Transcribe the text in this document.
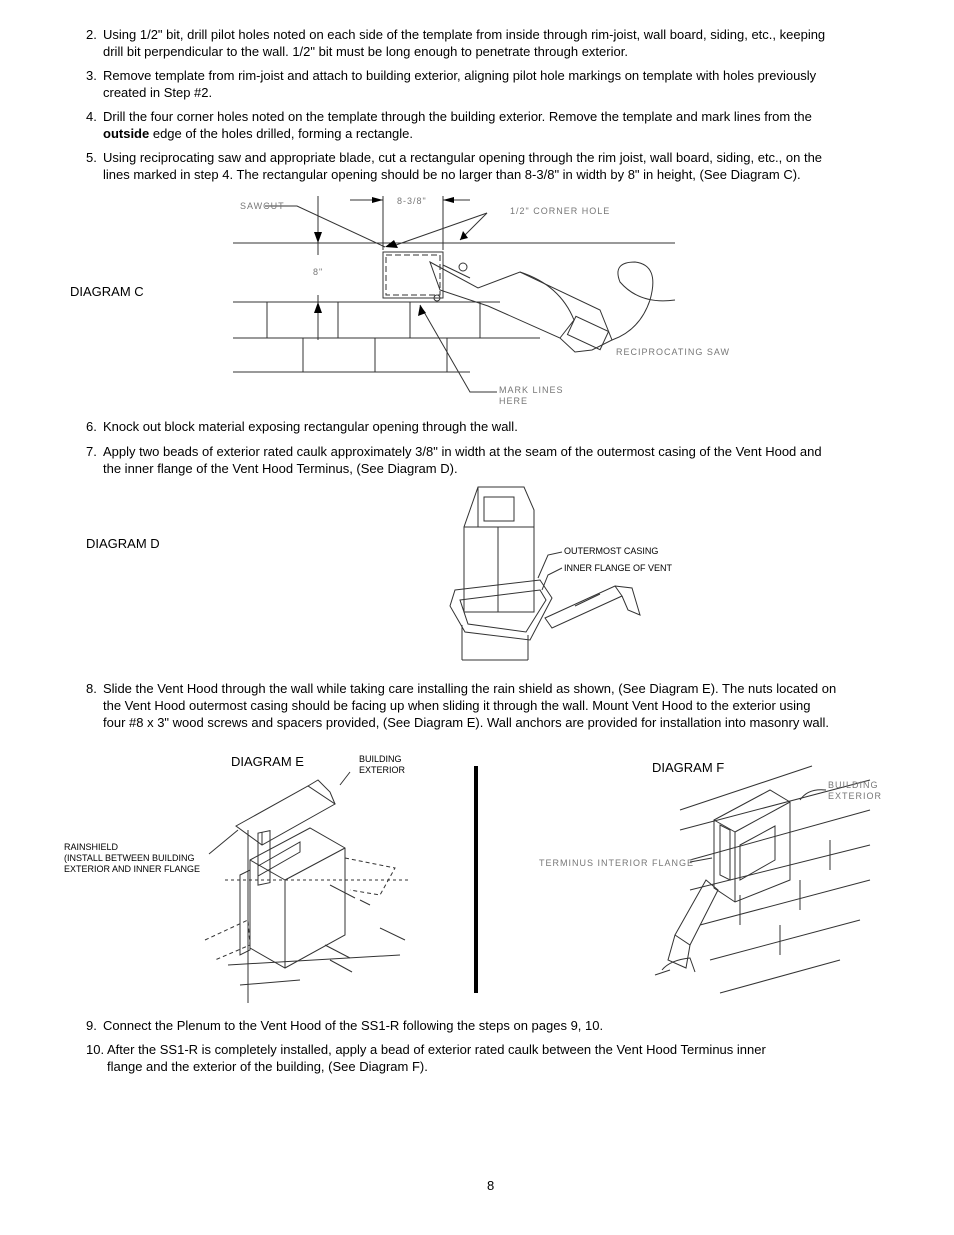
2. Using 1/2" bit, drill pilot holes noted on each side of the template from inside through rim-joist, wall board, siding, etc., keeping
drill bit perpendicular to the wall. 1/2" bit must be long enough to penetrate through exterior.
3. Remove template from rim-joist and attach to building exterior, aligning pilot hole markings on template with holes previously
created in Step #2.
4. Drill the four corner holes noted on the template through the building exterior. Remove the template and mark lines from the
outside edge of the holes drilled, forming a rectangle.
5. Using reciprocating saw and appropriate blade, cut a rectangular opening through the rim joist, wall board, siding, etc., on the
lines marked in step 4. The rectangular opening should be no larger than 8-3/8" in width by 8" in height, (See Diagram C).
DIAGRAM C
SAWCUT	8-3/8"
1/2" CORNER HOLE
8"
RECIPROCATING SAW
MARK LINES
HERE
6. Knock out block material exposing rectangular opening through the wall.
7. Apply two beads of exterior rated caulk approximately 3/8" in width at the seam of the outermost casing of the Vent Hood and
the inner flange of the Vent Hood Terminus, (See Diagram D).
DIAGRAM D	OUTERMOST CASING
INNER FLANGE OF VENT
8. Slide the Vent Hood through the wall while taking care installing the rain shield as shown, (See Diagram E). The nuts located on
the Vent Hood outermost casing should be facing up when sliding it through the wall. Mount Vent Hood to the exterior using
four #8 x 3" wood screws and spacers provided, (See Diagram E). Wall anchors are provided for installation into masonry wall.
DIAGRAM E	BUILDING
EXTERIOR
RAINSHIELD
(INSTALL BETWEEN BUILDING
EXTERIOR AND INNER FLANGE
DIAGRAM F
BUILDING
EXTERIOR
TERMINUS INTERIOR FLANGE
9. Connect the Plenum to the Vent Hood of the SS1-R following the steps on pages 9, 10.
10. After the SS1-R is completely installed, apply a bead of exterior rated caulk between the Vent Hood Terminus inner
flange and the exterior of the building, (See Diagram F).
8
